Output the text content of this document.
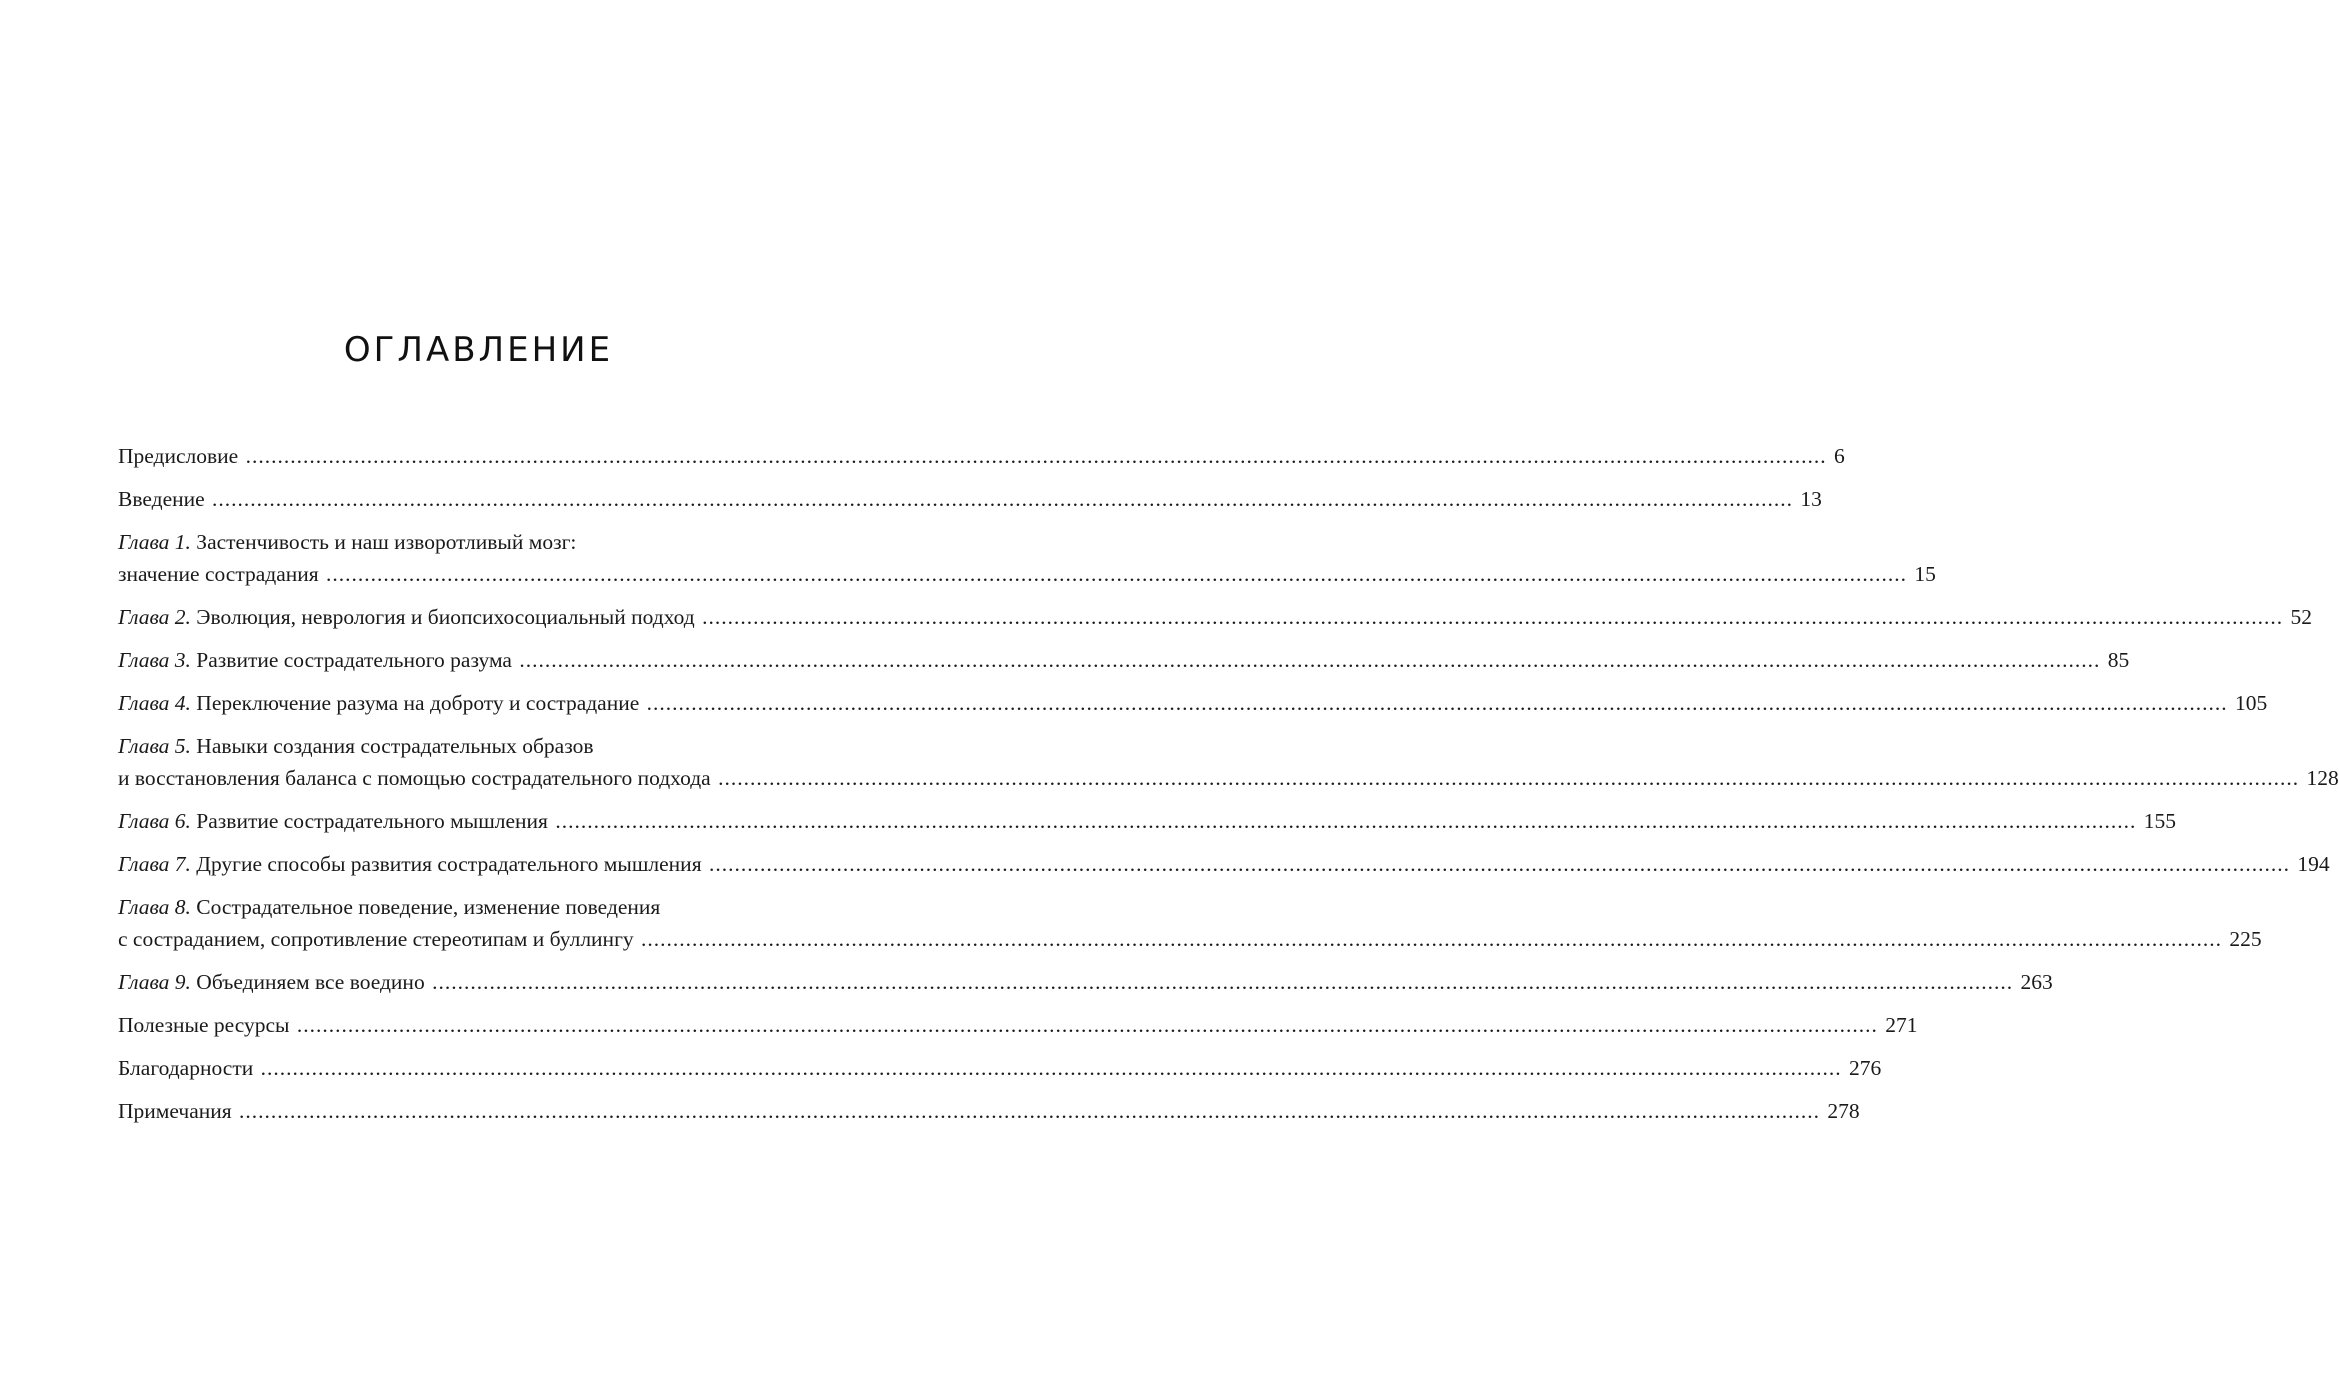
ОГЛАВЛЕНИЕ
Предисловие .....	6
Введение .....	13
Глава 1. Застенчивость и наш изворотливый мозг:
значение сострадания .....	15
Глава 2. Эволюция, неврология и биопсихосоциальный подход .....	52
Глава 3. Развитие сострадательного разума .....	85
Глава 4. Переключение разума на доброту и сострадание .....	105
Глава 5. Навыки создания сострадательных образов
и восстановления баланса с помощью сострадательного подхода .....	128
Глава 6. Развитие сострадательного мышления .....	155
Глава 7. Другие способы развития сострадательного мышления .....	194
Глава 8. Сострадательное поведение, изменение поведения
с состраданием, сопротивление стереотипам и буллингу .....	225
Глава 9. Объединяем все воедино .....	263
Полезные ресурсы .....	271
Благодарности .....	276
Примечания .....	278
